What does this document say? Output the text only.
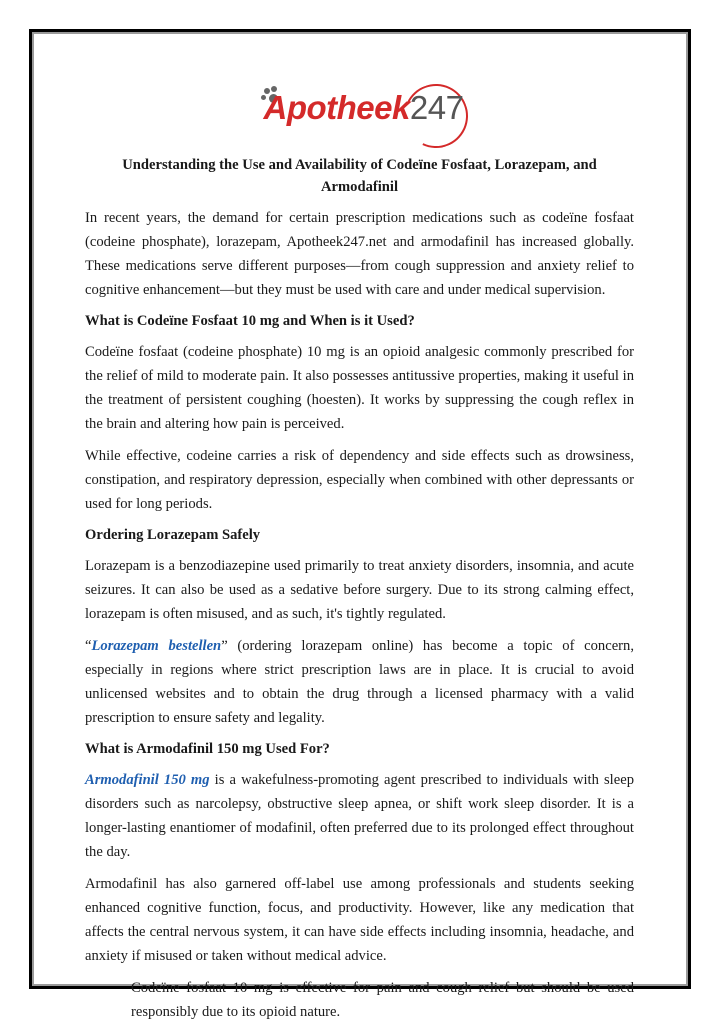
Apotheek247
Understanding the Use and Availability of Codeïne Fosfaat, Lorazepam, and Armodafinil

In recent years, the demand for certain prescription medications such as codeïne fosfaat (codeine phosphate), lorazepam, Apotheek247.net and armodafinil has increased globally. These medications serve different purposes—from cough suppression and anxiety relief to cognitive enhancement—but they must be used with care and under medical supervision.

What is Codeïne Fosfaat 10 mg and When is it Used?

Codeïne fosfaat (codeine phosphate) 10 mg is an opioid analgesic commonly prescribed for the relief of mild to moderate pain. It also possesses antitussive properties, making it useful in the treatment of persistent coughing (hoesten). It works by suppressing the cough reflex in the brain and altering how pain is perceived.

While effective, codeine carries a risk of dependency and side effects such as drowsiness, constipation, and respiratory depression, especially when combined with other depressants or used for long periods.

Ordering Lorazepam Safely

Lorazepam is a benzodiazepine used primarily to treat anxiety disorders, insomnia, and acute seizures. It can also be used as a sedative before surgery. Due to its strong calming effect, lorazepam is often misused, and as such, it's tightly regulated.

“Lorazepam bestellen” (ordering lorazepam online) has become a topic of concern, especially in regions where strict prescription laws are in place. It is crucial to avoid unlicensed websites and to obtain the drug through a licensed pharmacy with a valid prescription to ensure safety and legality.

What is Armodafinil 150 mg Used For?

Armodafinil 150 mg is a wakefulness-promoting agent prescribed to individuals with sleep disorders such as narcolepsy, obstructive sleep apnea, or shift work sleep disorder. It is a longer-lasting enantiomer of modafinil, often preferred due to its prolonged effect throughout the day.

Armodafinil has also garnered off-label use among professionals and students seeking enhanced cognitive function, focus, and productivity. However, like any medication that affects the central nervous system, it can have side effects including insomnia, headache, and anxiety if misused or taken without medical advice.

Codeïne fosfaat 10 mg is effective for pain and cough relief but should be used responsibly due to its opioid nature.
